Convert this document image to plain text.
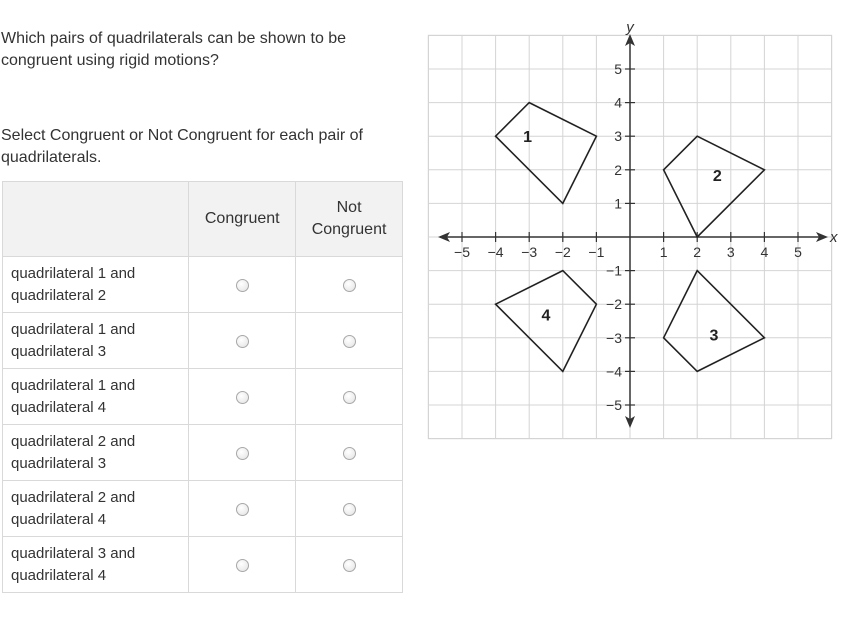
Which pairs of quadrilaterals can be shown to be congruent using rigid motions?
Select Congruent or Not Congruent for each pair of quadrilaterals.
	Congruent	Not Congruent
quadrilateral 1 and quadrilateral 2		
quadrilateral 1 and quadrilateral 3		
quadrilateral 1 and quadrilateral 4		
quadrilateral 2 and quadrilateral 3		
quadrilateral 2 and quadrilateral 4		
quadrilateral 3 and quadrilateral 4		
−5 −4 −3 −2 −1	1 2 3 4 5
5
4
3
2
1
−1
−2
−3
−4
−5
x
y
1
2
3
4
